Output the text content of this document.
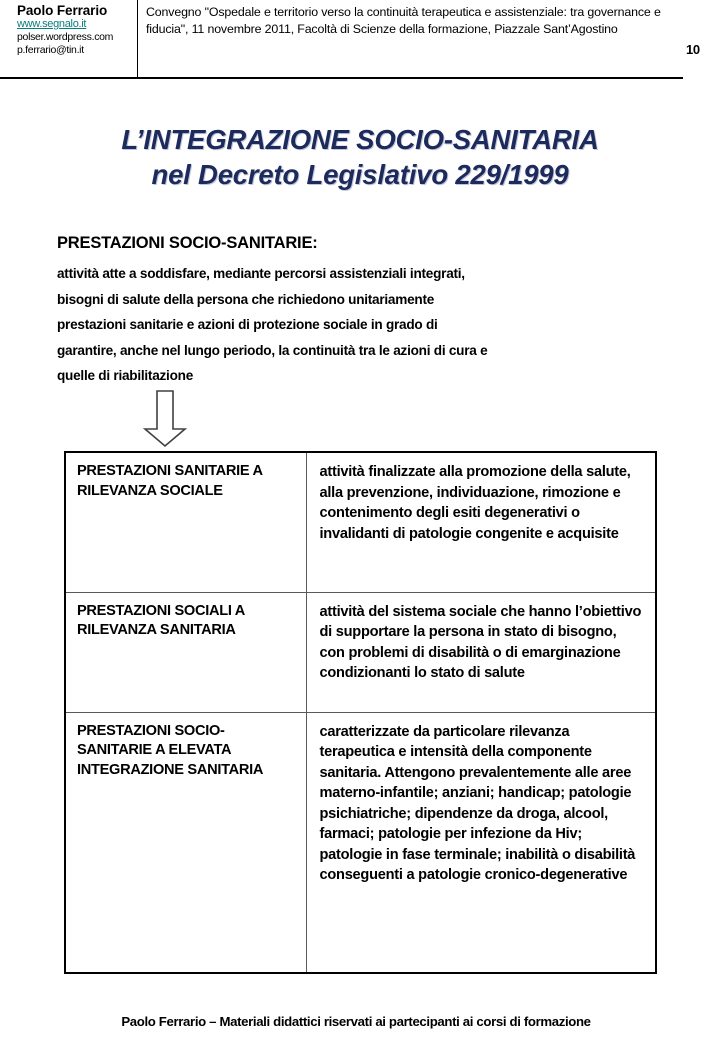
Paolo Ferrario
www.segnalo.it
polser.wordpress.com
p.ferrario@tin.it
Convegno "Ospedale e territorio verso la continuità terapeutica e assistenziale: tra governance e fiducia", 11 novembre 2011, Facoltà di Scienze della formazione, Piazzale Sant’Agostino
10
L’INTEGRAZIONE SOCIO-SANITARIA
nel Decreto Legislativo 229/1999
PRESTAZIONI SOCIO-SANITARIE:
attività atte a soddisfare, mediante percorsi assistenziali integrati,
bisogni di salute della persona che richiedono unitariamente
prestazioni sanitarie e azioni di protezione sociale in grado di
garantire, anche nel lungo periodo, la continuità tra le azioni di cura e
quelle di riabilitazione
PRESTAZIONI SANITARIE A RILEVANZA SOCIALE	attività finalizzate alla promozione della salute, alla prevenzione, individuazione, rimozione e contenimento degli esiti degenerativi o invalidanti di patologie congenite e acquisite
PRESTAZIONI SOCIALI A RILEVANZA SANITARIA	attività del sistema sociale che hanno l’obiettivo di supportare la persona in stato di bisogno, con problemi di disabilità o di emarginazione condizionanti lo stato di salute
PRESTAZIONI SOCIO-SANITARIE A ELEVATA INTEGRAZIONE SANITARIA	caratterizzate da particolare rilevanza terapeutica e intensità della componente sanitaria. Attengono prevalentemente alle aree materno-infantile; anziani; handicap; patologie psichiatriche; dipendenze da droga, alcool, farmaci; patologie per infezione da Hiv; patologie in fase terminale; inabilità o disabilità conseguenti a patologie cronico-degenerative
Paolo Ferrario – Materiali didattici riservati ai partecipanti ai corsi di formazione
